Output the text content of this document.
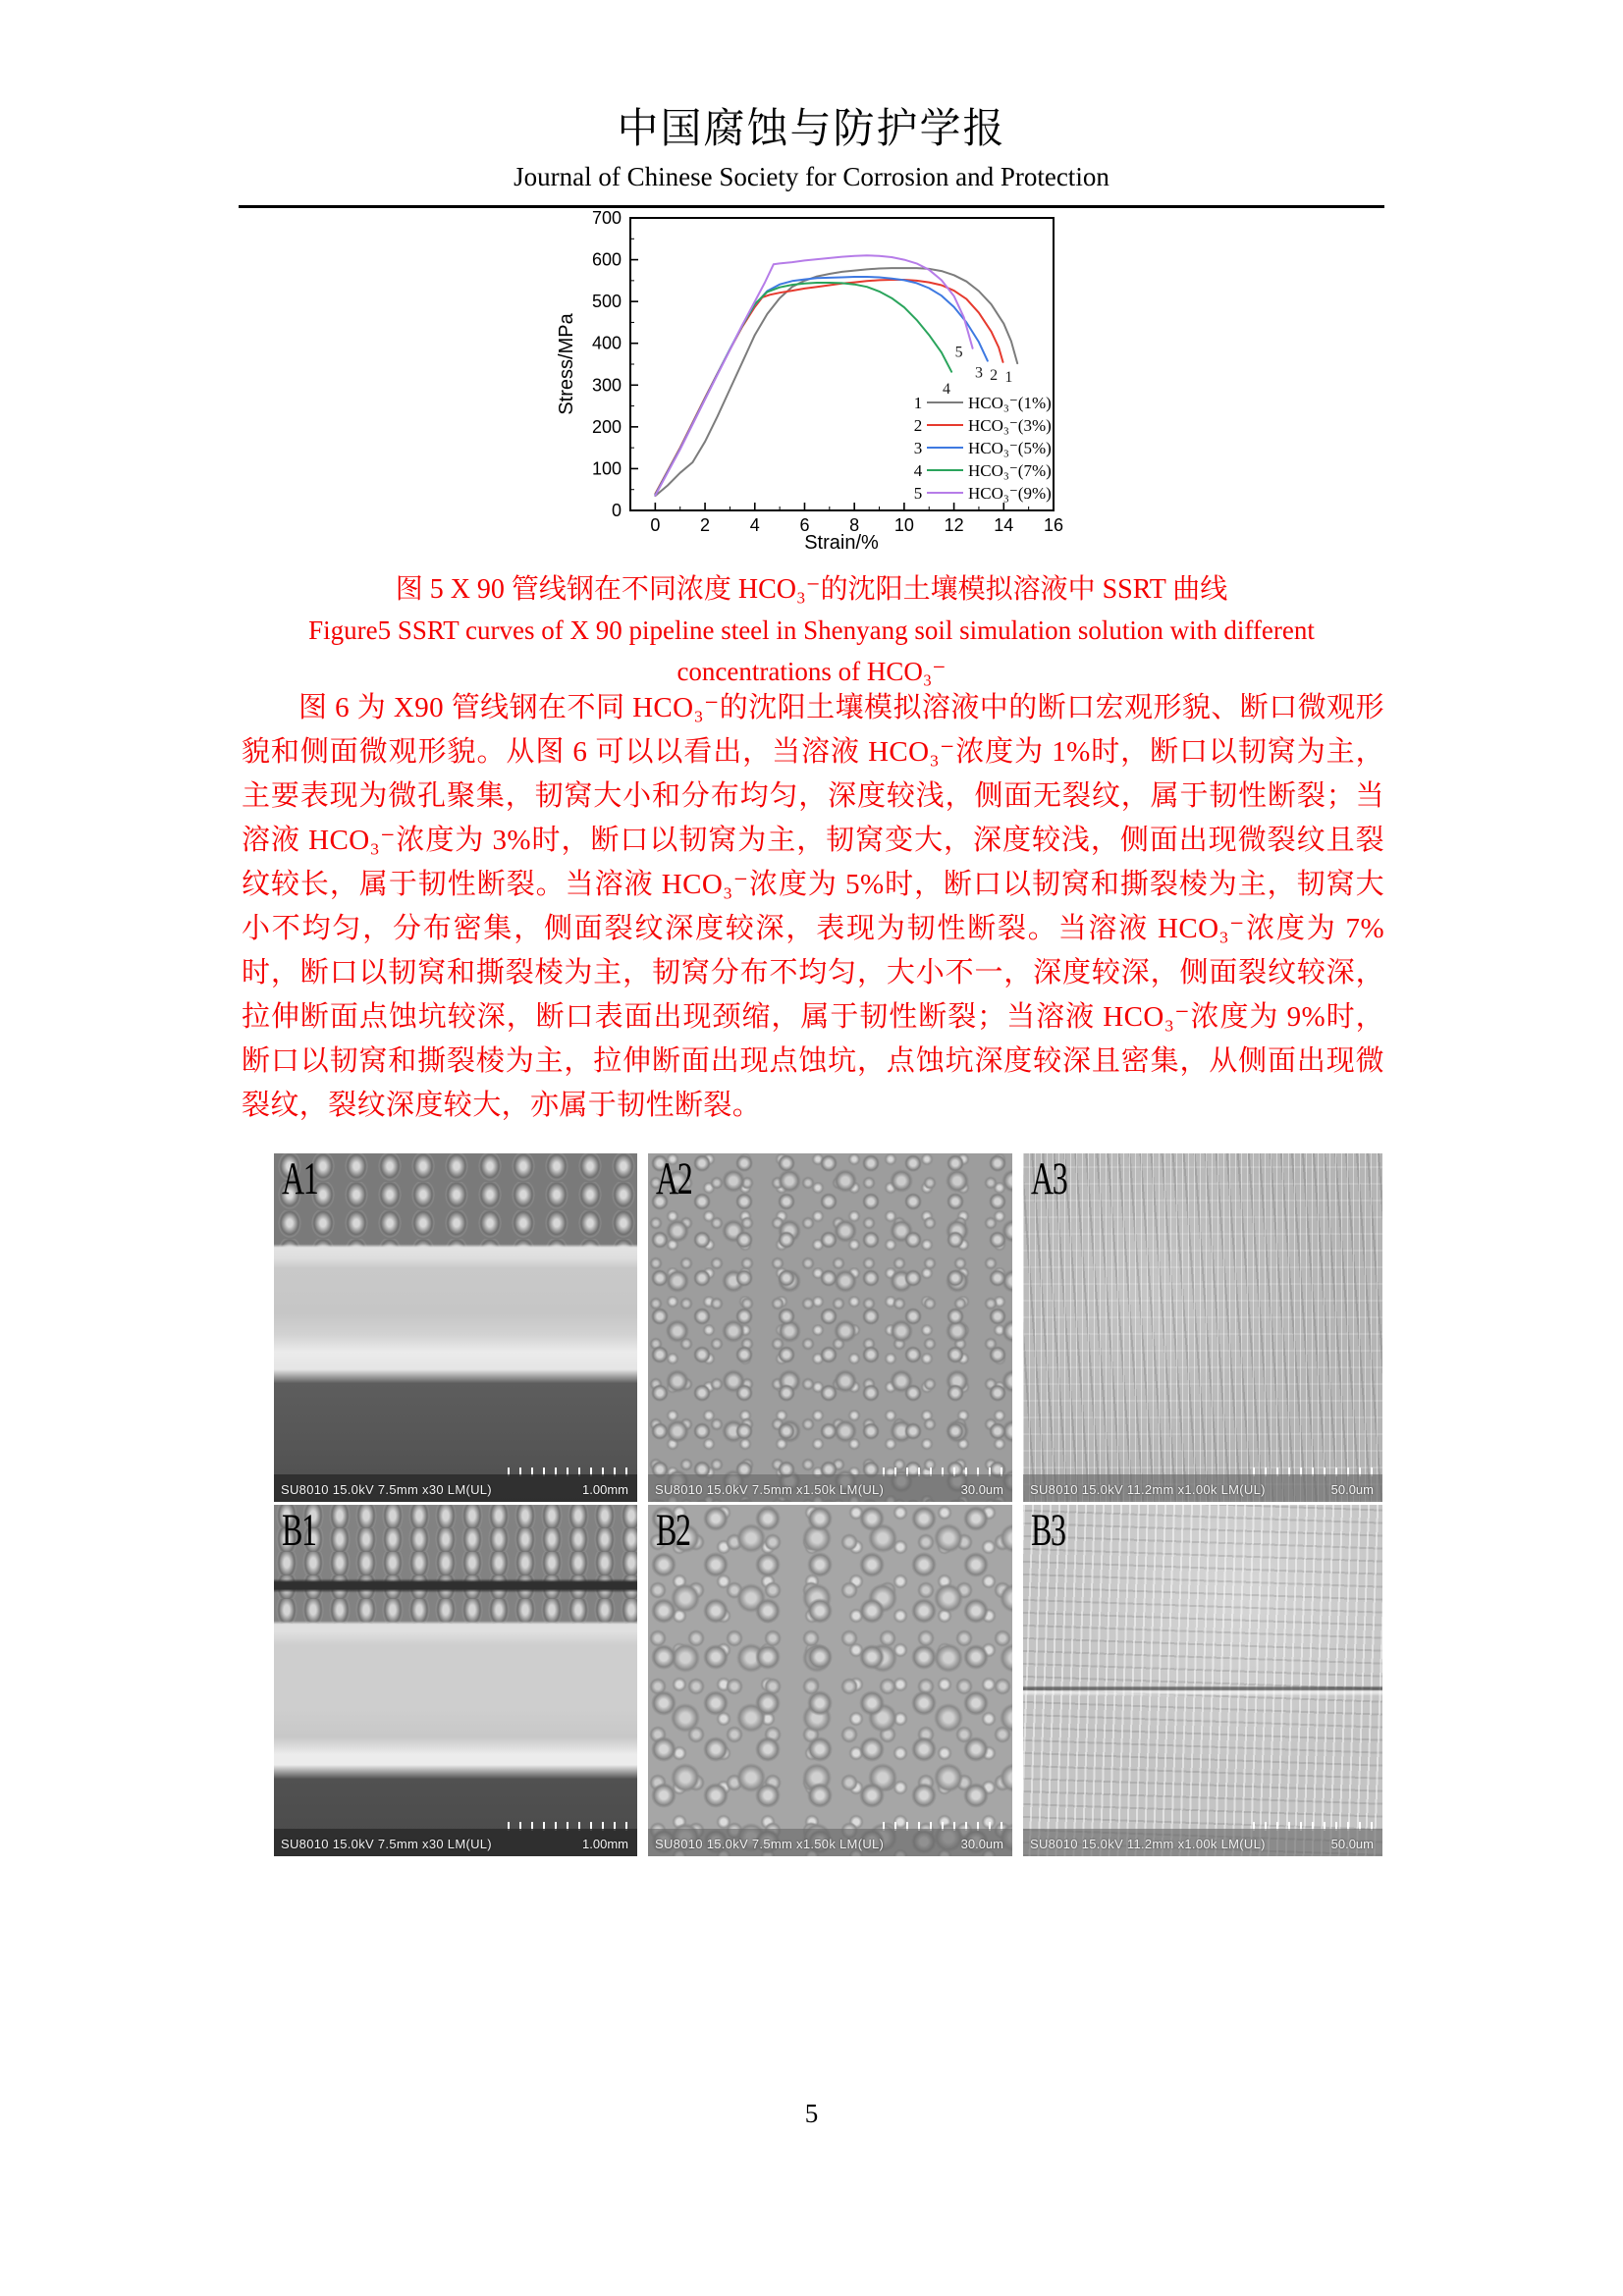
中国腐蚀与防护学报
Journal of Chinese Society for Corrosion and Protection
Stress/MPa
Strain/%
0 2 4 6 8 10 12 14 16
0
100
200
300
400
500
600
700
5
4
3 2 1
1	HCO₃⁻(1%)
2	HCO₃⁻(3%)
3	HCO₃⁻(5%)
4	HCO₃⁻(7%)
5	HCO₃⁻(9%)
图 5 X 90 管线钢在不同浓度 HCO₃⁻的沈阳土壤模拟溶液中 SSRT 曲线
Figure5 SSRT curves of X 90 pipeline steel in Shenyang soil simulation solution with different
concentrations of HCO₃⁻
图 6 为 X90 管线钢在不同 HCO₃⁻的沈阳土壤模拟溶液中的断口宏观形貌、断口微观形貌和侧面微观形貌。从图 6 可以以看出，当溶液 HCO₃⁻浓度为 1%时，断口以韧窝为主，主要表现为微孔聚集，韧窝大小和分布均匀，深度较浅，侧面无裂纹，属于韧性断裂；当溶液 HCO₃⁻浓度为 3%时，断口以韧窝为主，韧窝变大，深度较浅，侧面出现微裂纹且裂纹较长，属于韧性断裂。当溶液 HCO₃⁻浓度为 5%时，断口以韧窝和撕裂棱为主，韧窝大小不均匀，分布密集，侧面裂纹深度较深，表现为韧性断裂。当溶液 HCO₃⁻浓度为 7%时，断口以韧窝和撕裂棱为主，韧窝分布不均匀，大小不一，深度较深，侧面裂纹较深，拉伸断面点蚀坑较深，断口表面出现颈缩，属于韧性断裂；当溶液 HCO₃⁻浓度为 9%时，断口以韧窝和撕裂棱为主，拉伸断面出现点蚀坑，点蚀坑深度较深且密集，从侧面出现微裂纹，裂纹深度较大，亦属于韧性断裂。
A1
SU8010 15.0kV 7.5mm x30 LM(UL)	1.00mm
A2
SU8010 15.0kV 7.5mm x1.50k LM(UL)	30.0um
A3
SU8010 15.0kV 11.2mm x1.00k LM(UL)	50.0um
B1
SU8010 15.0kV 7.5mm x30 LM(UL)	1.00mm
B2
SU8010 15.0kV 7.5mm x1.50k LM(UL)	30.0um
B3
SU8010 15.0kV 11.2mm x1.00k LM(UL)	50.0um
5
